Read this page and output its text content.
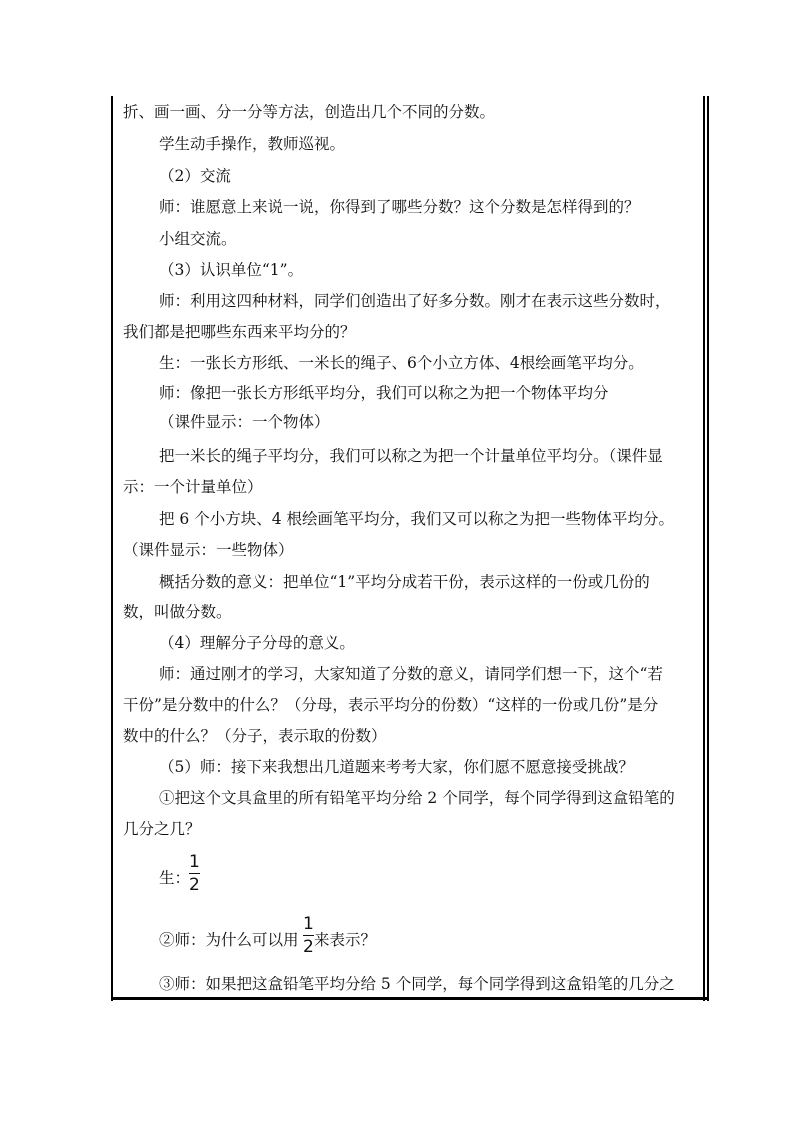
折、画一画、分一分等方法，创造出几个不同的分数。
学生动手操作，教师巡视。
（2）交流
师：谁愿意上来说一说，你得到了哪些分数？这个分数是怎样得到的？
小组交流。
（3）认识单位“1”。
师：利用这四种材料，同学们创造出了好多分数。刚才在表示这些分数时，
我们都是把哪些东西来平均分的？
生：一张长方形纸、一米长的绳子、6个小立方体、4根绘画笔平均分。
师：像把一张长方形纸平均分，我们可以称之为把一个物体平均分
（课件显示：一个物体）
把一米长的绳子平均分，我们可以称之为把一个计量单位平均分。（课件显
示：一个计量单位）
把 6 个小方块、4 根绘画笔平均分，我们又可以称之为把一些物体平均分。
（课件显示：一些物体）
概括分数的意义：把单位“1”平均分成若干份，表示这样的一份或几份的
数，叫做分数。
（4）理解分子分母的意义。
师：通过刚才的学习，大家知道了分数的意义，请同学们想一下，这个“若
干份”是分数中的什么？（分母，表示平均分的份数）“这样的一份或几份”是分
数中的什么？（分子，表示取的份数）
（5）师：接下来我想出几道题来考考大家，你们愿不愿意接受挑战？
①把这个文具盒里的所有铅笔平均分给 2 个同学，每个同学得到这盒铅笔的
几分之几？
生：
1
2
②师：为什么可以用
1
2 来表示？
③师：如果把这盒铅笔平均分给 5 个同学，每个同学得到这盒铅笔的几分之
